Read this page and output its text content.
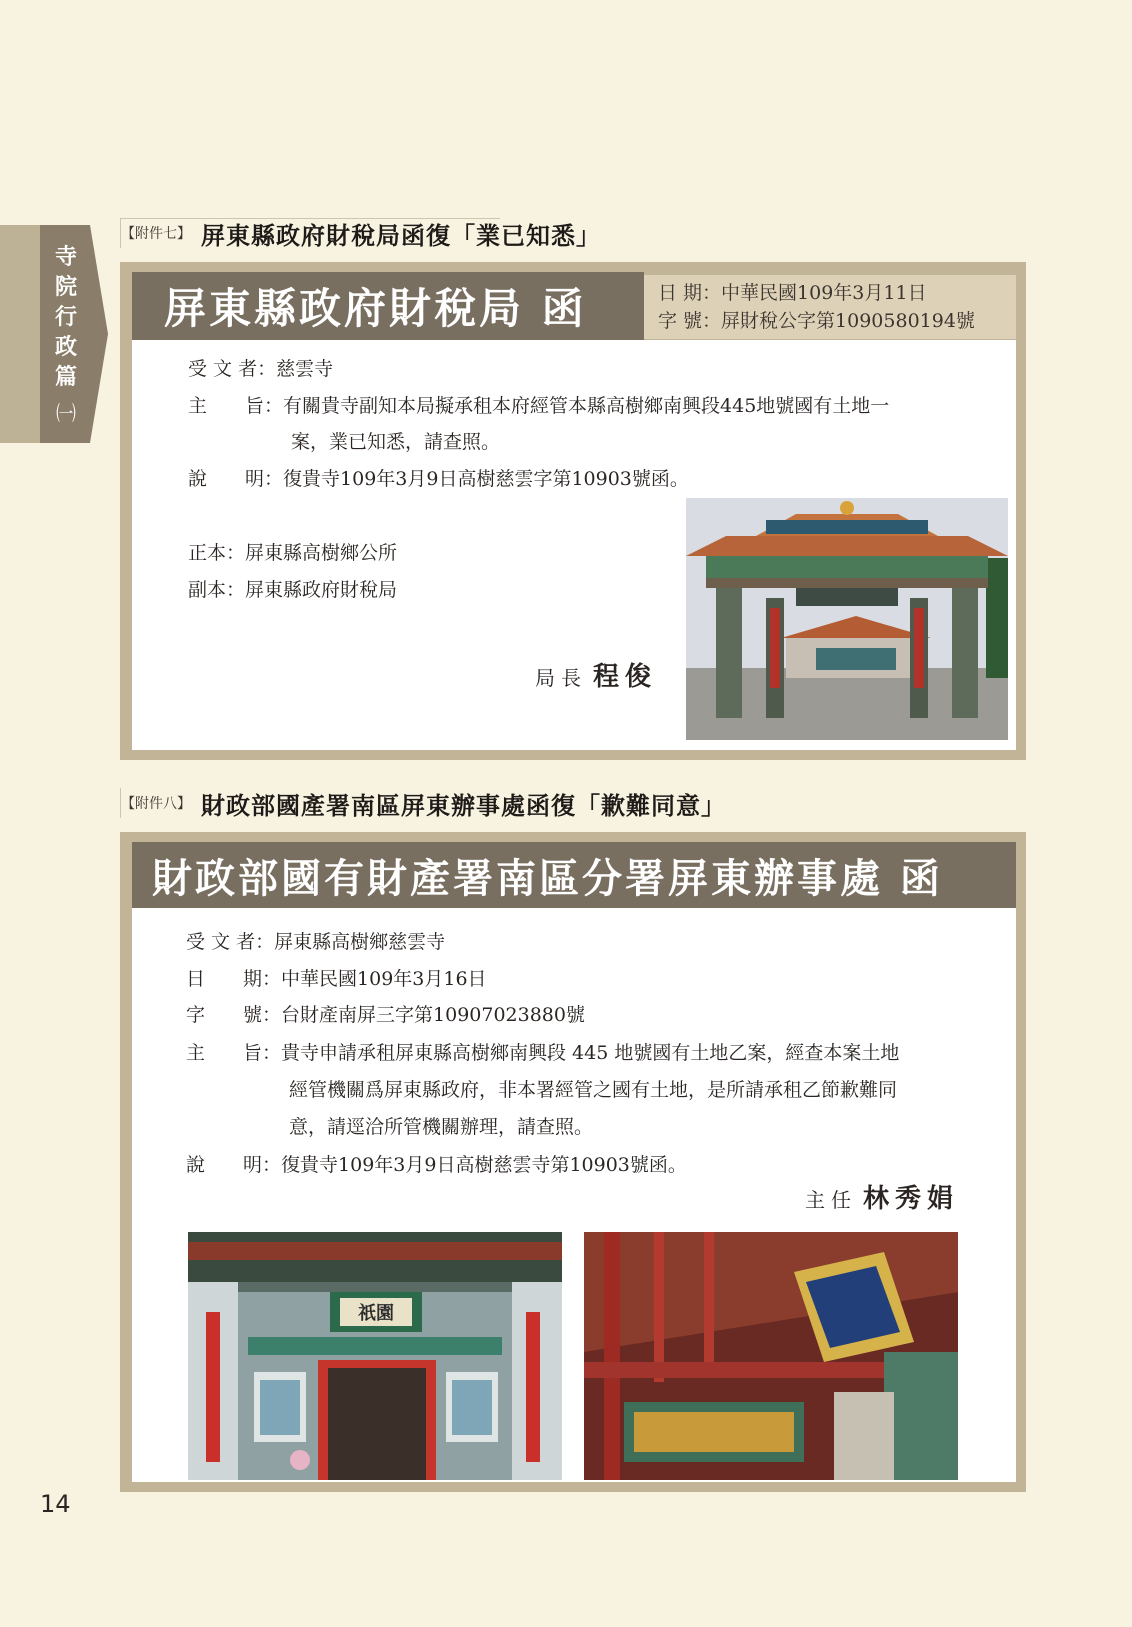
寺院行政篇
㈠
【附件七】 屏東縣政府財稅局函復「業已知悉」
屏東縣政府財稅局 函	日 期：中華民國109年3月11日
字 號：屏財稅公字第1090580194號
受 文 者：慈雲寺
主　　旨：有關貴寺副知本局擬承租本府經管本縣高樹鄉南興段445地號國有土地一
案，業已知悉，請查照。
說　　明：復貴寺109年3月9日高樹慈雲字第10903號函。
正本：屏東縣高樹鄉公所
副本：屏東縣政府財稅局
局長 程俊
【附件八】 財政部國產署南區屏東辦事處函復「歉難同意」
財政部國有財產署南區分署屏東辦事處 函
受 文 者：屏東縣高樹鄉慈雲寺
日　　期：中華民國109年3月16日
字　　號：台財產南屏三字第10907023880號
主　　旨：貴寺申請承租屏東縣高樹鄉南興段 445 地號國有土地乙案，經查本案土地
經管機關爲屏東縣政府，非本署經管之國有土地，是所請承租乙節歉難同
意，請逕洽所管機關辦理，請查照。
說　　明：復貴寺109年3月9日高樹慈雲寺第10903號函。
主任 林秀娟
祇園
14
